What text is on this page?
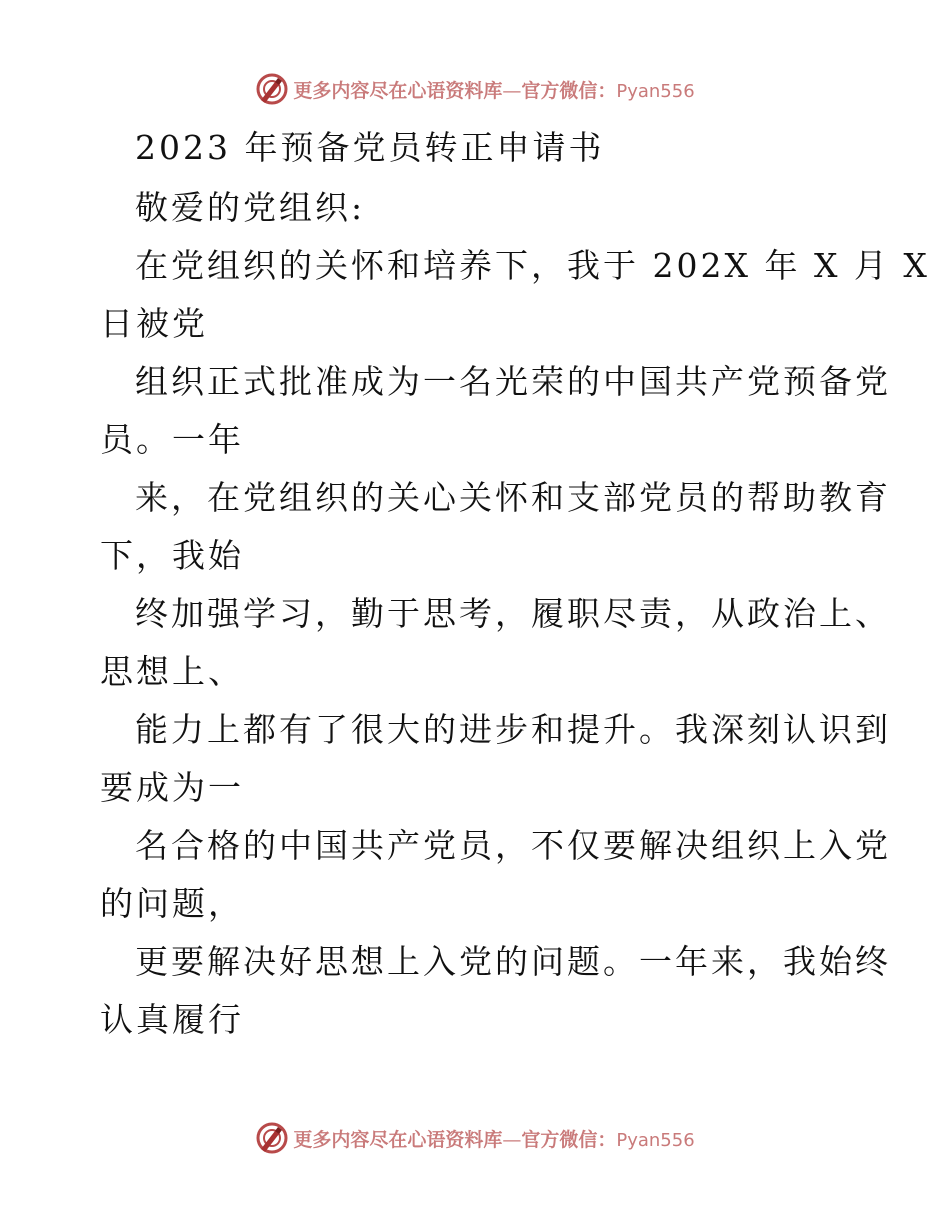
更多内容尽在心语资料库—官方微信：Pyan556
2023 年预备党员转正申请书
敬爱的党组织:
在党组织的关怀和培养下，我于 202X 年 X 月 X
日被党
组织正式批准成为一名光荣的中国共产党预备党
员。一年
来，在党组织的关心关怀和支部党员的帮助教育
下，我始
终加强学习，勤于思考，履职尽责，从政治上、
思想上、
能力上都有了很大的进步和提升。我深刻认识到
要成为一
名合格的中国共产党员，不仅要解决组织上入党
的问题，
更要解决好思想上入党的问题。一年来，我始终
认真履行
更多内容尽在心语资料库—官方微信：Pyan556
